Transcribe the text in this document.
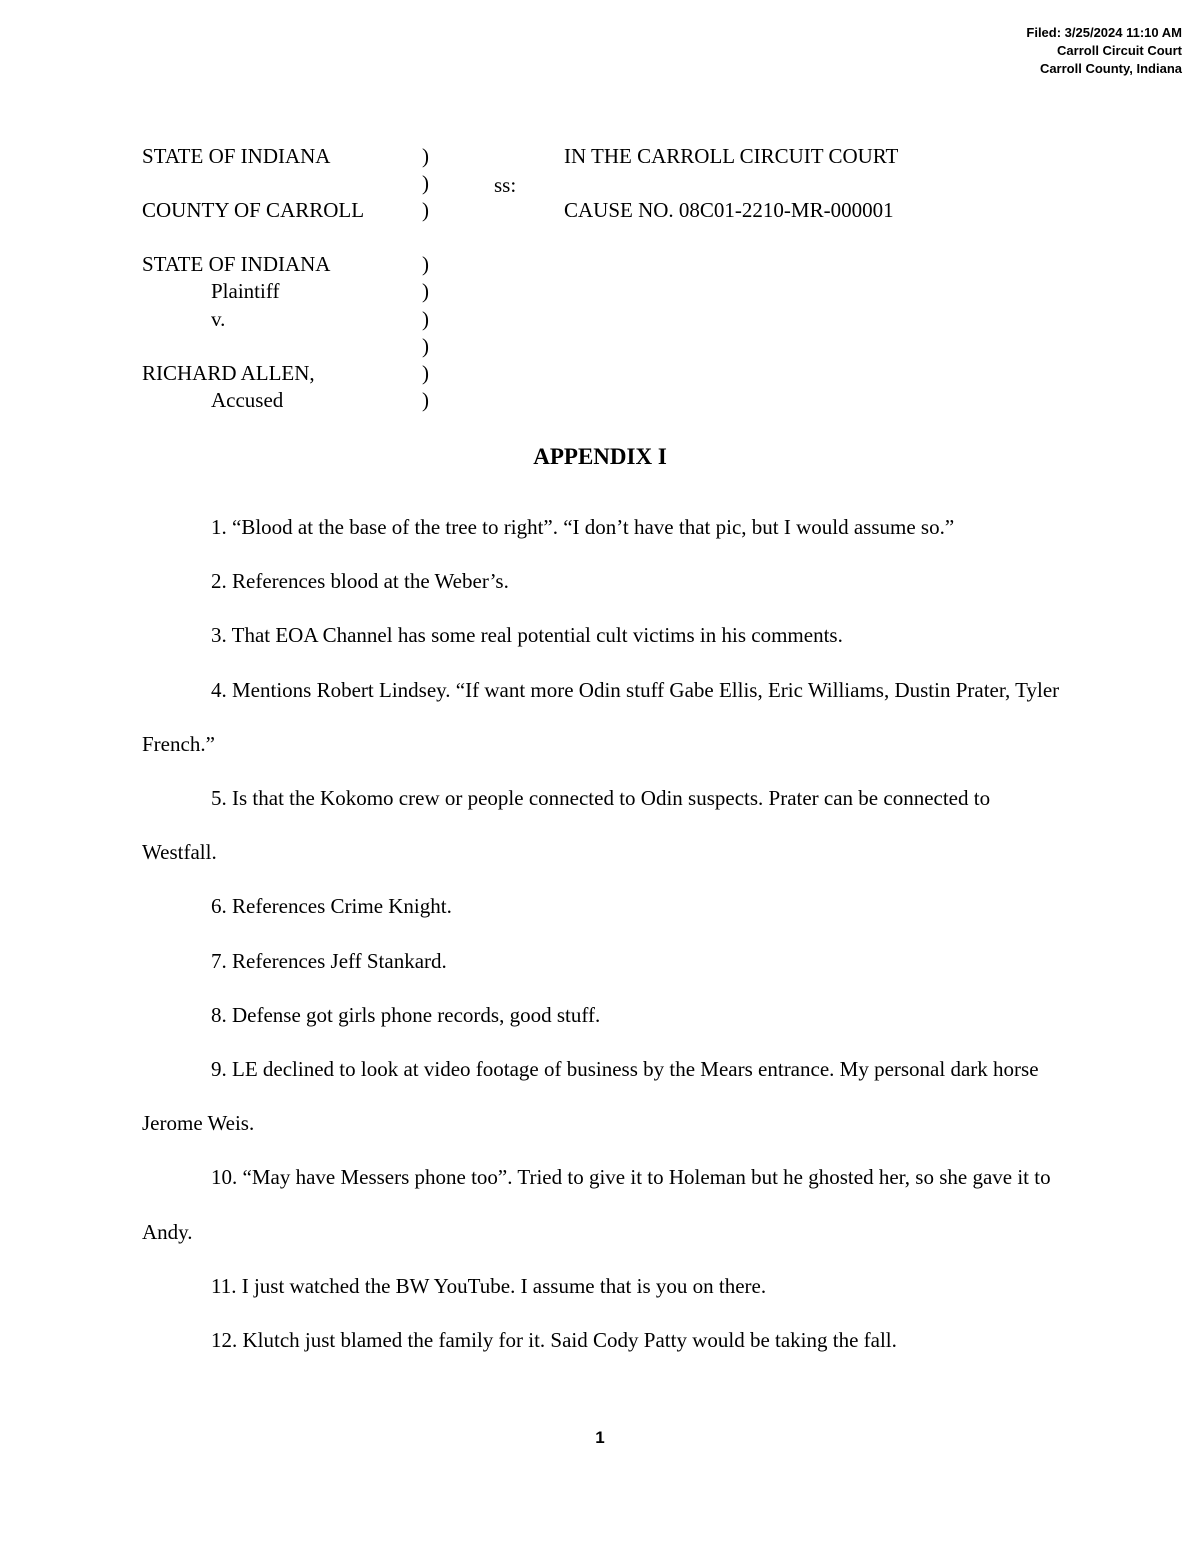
Filed: 3/25/2024 11:10 AM
Carroll Circuit Court
Carroll County, Indiana
STATE OF INDIANA
COUNTY OF CARROLL
ss:
IN THE CARROLL CIRCUIT COURT
CAUSE NO. 08C01-2210-MR-000001
)
)
)
STATE OF INDIANA
Plaintiff
v.
RICHARD ALLEN,
Accused
)
)
)
)
)
)
APPENDIX I

1. “Blood at the base of the tree to right”. “I don’t have that pic, but I would assume so.”

2. References blood at the Weber’s.

3. That EOA Channel has some real potential cult victims in his comments.

4. Mentions Robert Lindsey. “If want more Odin stuff Gabe Ellis, Eric Williams, Dustin Prater, Tyler French.”

5. Is that the Kokomo crew or people connected to Odin suspects. Prater can be connected to Westfall.

6. References Crime Knight.

7. References Jeff Stankard.

8. Defense got girls phone records, good stuff.

9. LE declined to look at video footage of business by the Mears entrance. My personal dark horse Jerome Weis.

10. “May have Messers phone too”. Tried to give it to Holeman but he ghosted her, so she gave it to Andy.

11. I just watched the BW YouTube. I assume that is you on there.

12. Klutch just blamed the family for it. Said Cody Patty would be taking the fall.

1
